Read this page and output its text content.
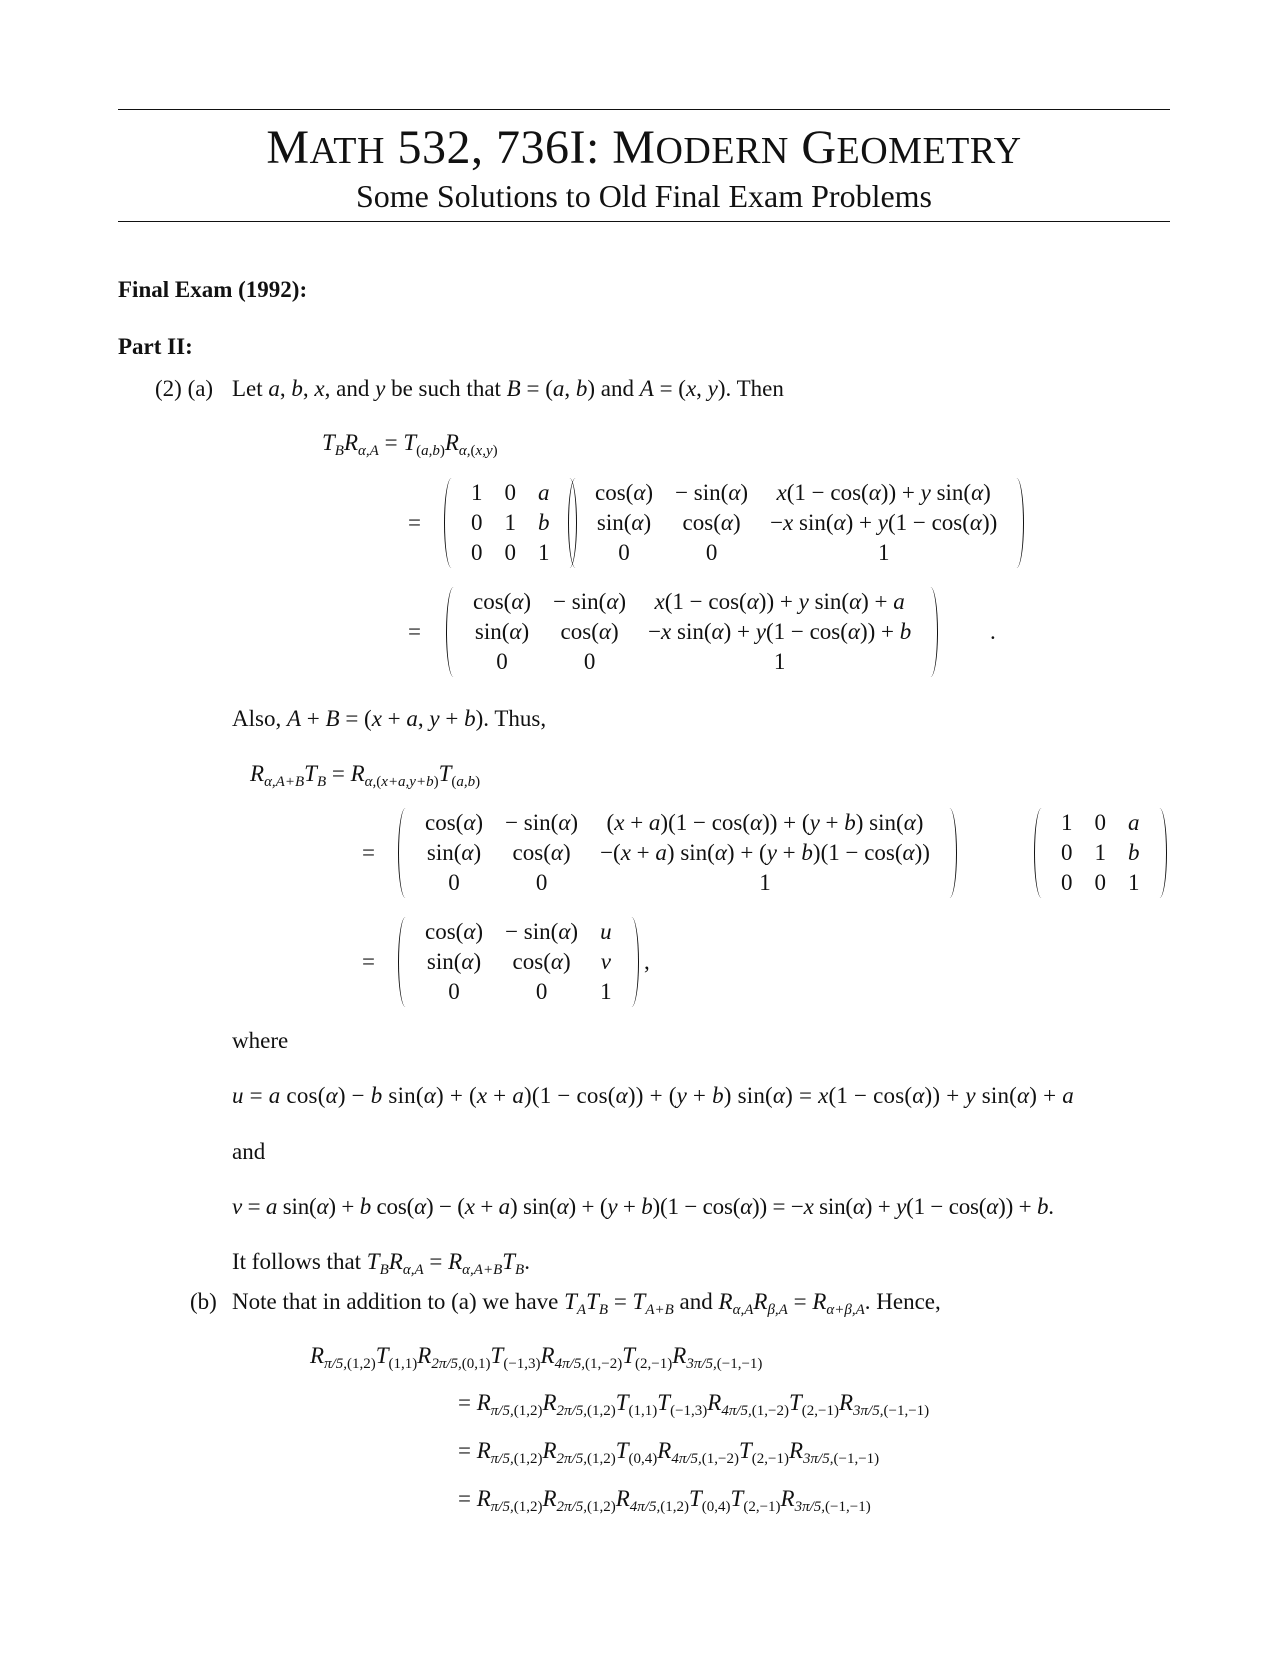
MATH 532, 736I: MODERN GEOMETRY
Some Solutions to Old Final Exam Problems
Final Exam (1992):
Part II:
(2) (a) Let a, b, x, and y be such that B = (a, b) and A = (x, y). Then
$T_BR_{\alpha,A} = T_{(a,b)}R_{\alpha,(x,y)}$
=
1	0	a
0	1	b
0	0	1
cos(α)	− sin(α)	x(1 − cos(α)) + y sin(α)
sin(α)	cos(α)	−x sin(α) + y(1 − cos(α))
0	0	1
=
cos(α)	− sin(α)	x(1 − cos(α)) + y sin(α) + a
sin(α)	cos(α)	−x sin(α) + y(1 − cos(α)) + b
0	0	1
.
Also, A + B = (x + a, y + b). Thus,
$R_{\alpha,A+B}T_B = R_{\alpha,(x+a,y+b)}T_{(a,b)}$
=
cos(α)	− sin(α)	(x + a)(1 − cos(α)) + (y + b) sin(α)
sin(α)	cos(α)	−(x + a) sin(α) + (y + b)(1 − cos(α))
0	0	1
1	0	a
0	1	b
0	0	1
=
cos(α)	− sin(α)	u
sin(α)	cos(α)	v
0	0	1
,
where
u = a cos(α) − b sin(α) + (x + a)(1 − cos(α)) + (y + b) sin(α) = x(1 − cos(α)) + y sin(α) + a
and
v = a sin(α) + b cos(α) − (x + a) sin(α) + (y + b)(1 − cos(α)) = −x sin(α) + y(1 − cos(α)) + b.
It follows that $T_BR_{\alpha,A} = R_{\alpha,A+B}T_B$.
(b) Note that in addition to (a) we have $T_AT_B = T_{A+B}$ and $R_{\alpha,A}R_{\beta,A} = R_{\alpha+\beta,A}$. Hence,
$R_{\pi/5,(1,2)}T_{(1,1)}R_{2\pi/5,(0,1)}T_{(-1,3)}R_{4\pi/5,(1,-2)}T_{(2,-1)}R_{3\pi/5,(-1,-1)}$
= $R_{\pi/5,(1,2)}R_{2\pi/5,(1,2)}T_{(1,1)}T_{(-1,3)}R_{4\pi/5,(1,-2)}T_{(2,-1)}R_{3\pi/5,(-1,-1)}$
= $R_{\pi/5,(1,2)}R_{2\pi/5,(1,2)}T_{(0,4)}R_{4\pi/5,(1,-2)}T_{(2,-1)}R_{3\pi/5,(-1,-1)}$
= $R_{\pi/5,(1,2)}R_{2\pi/5,(1,2)}R_{4\pi/5,(1,2)}T_{(0,4)}T_{(2,-1)}R_{3\pi/5,(-1,-1)}$
